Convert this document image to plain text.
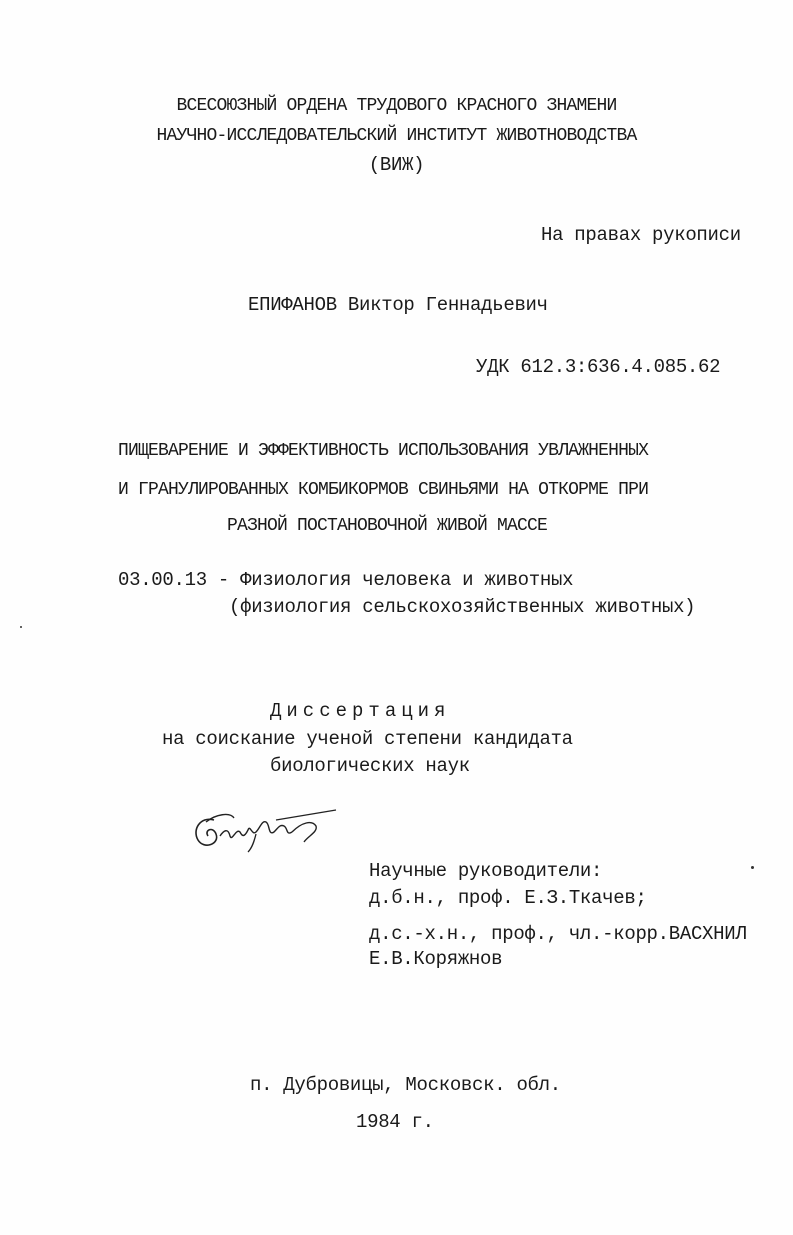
ВСЕСОЮЗНЫЙ ОРДЕНА ТРУДОВОГО КРАСНОГО ЗНАМЕНИ
НАУЧНО-ИССЛЕДОВАТЕЛЬСКИЙ ИНСТИТУТ ЖИВОТНОВОДСТВА
(ВИЖ)
На правах рукописи
ЕПИФАНОВ Виктор Геннадьевич
УДК 612.3:636.4.085.62
ПИЩЕВАРЕНИЕ И ЭФФЕКТИВНОСТЬ ИСПОЛЬЗОВАНИЯ УВЛАЖНЕННЫХ
И ГРАНУЛИРОВАННЫХ КОМБИКОРМОВ СВИНЬЯМИ НА ОТКОРМЕ ПРИ
РАЗНОЙ ПОСТАНОВОЧНОЙ ЖИВОЙ МАССЕ
03.00.13 - Физиология человека и животных
(физиология сельскохозяйственных животных)
Диссертация
на соискание ученой степени кандидата
биологических наук
Научные руководители:
д.б.н., проф. Е.З.Ткачев;
д.с.-х.н., проф., чл.-корр.ВАСХНИЛ
Е.В.Коряжнов
п. Дубровицы, Московск. обл.
1984 г.
